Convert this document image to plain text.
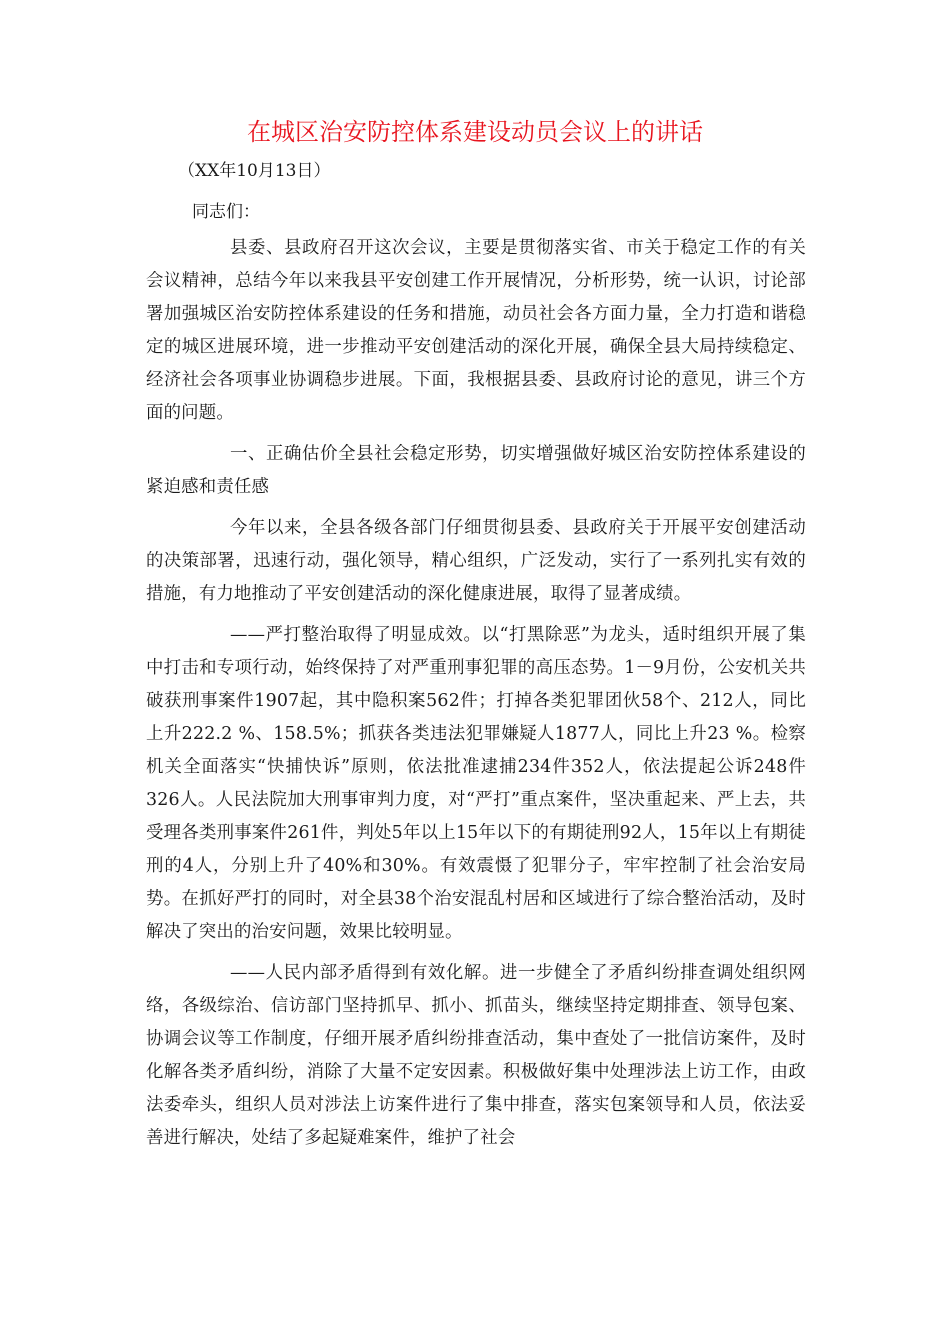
在城区治安防控体系建设动员会议上的讲话

（XX年10月13日）

同志们：

县委、县政府召开这次会议，主要是贯彻落实省、市关于稳定工作的有关会议精神，总结今年以来我县平安创建工作开展情况，分析形势，统一认识，讨论部署加强城区治安防控体系建设的任务和措施，动员社会各方面力量，全力打造和谐稳定的城区进展环境，进一步推动平安创建活动的深化开展，确保全县大局持续稳定、经济社会各项事业协调稳步进展。下面，我根据县委、县政府讨论的意见，讲三个方面的问题。

一、正确估价全县社会稳定形势，切实增强做好城区治安防控体系建设的紧迫感和责任感

今年以来，全县各级各部门仔细贯彻县委、县政府关于开展平安创建活动的决策部署，迅速行动，强化领导，精心组织，广泛发动，实行了一系列扎实有效的措施，有力地推动了平安创建活动的深化健康进展，取得了显著成绩。

——严打整治取得了明显成效。以“打黑除恶”为龙头，适时组织开展了集中打击和专项行动，始终保持了对严重刑事犯罪的高压态势。1－9月份，公安机关共破获刑事案件1907起，其中隐积案562件；打掉各类犯罪团伙58个、212人，同比上升222.2 %、158.5%；抓获各类违法犯罪嫌疑人1877人，同比上升23 %。检察机关全面落实“快捕快诉”原则，依法批准逮捕234件352人，依法提起公诉248件326人。人民法院加大刑事审判力度，对“严打”重点案件，坚决重起来、严上去，共受理各类刑事案件261件，判处5年以上15年以下的有期徒刑92人，15年以上有期徒刑的4人，分别上升了40%和30%。有效震慑了犯罪分子，牢牢控制了社会治安局势。在抓好严打的同时，对全县38个治安混乱村居和区域进行了综合整治活动，及时解决了突出的治安问题，效果比较明显。

——人民内部矛盾得到有效化解。进一步健全了矛盾纠纷排查调处组织网络，各级综治、信访部门坚持抓早、抓小、抓苗头，继续坚持定期排查、领导包案、协调会议等工作制度，仔细开展矛盾纠纷排查活动，集中查处了一批信访案件，及时化解各类矛盾纠纷，消除了大量不定安因素。积极做好集中处理涉法上访工作，由政法委牵头，组织人员对涉法上访案件进行了集中排查，落实包案领导和人员，依法妥善进行解决，处结了多起疑难案件，维护了社会
